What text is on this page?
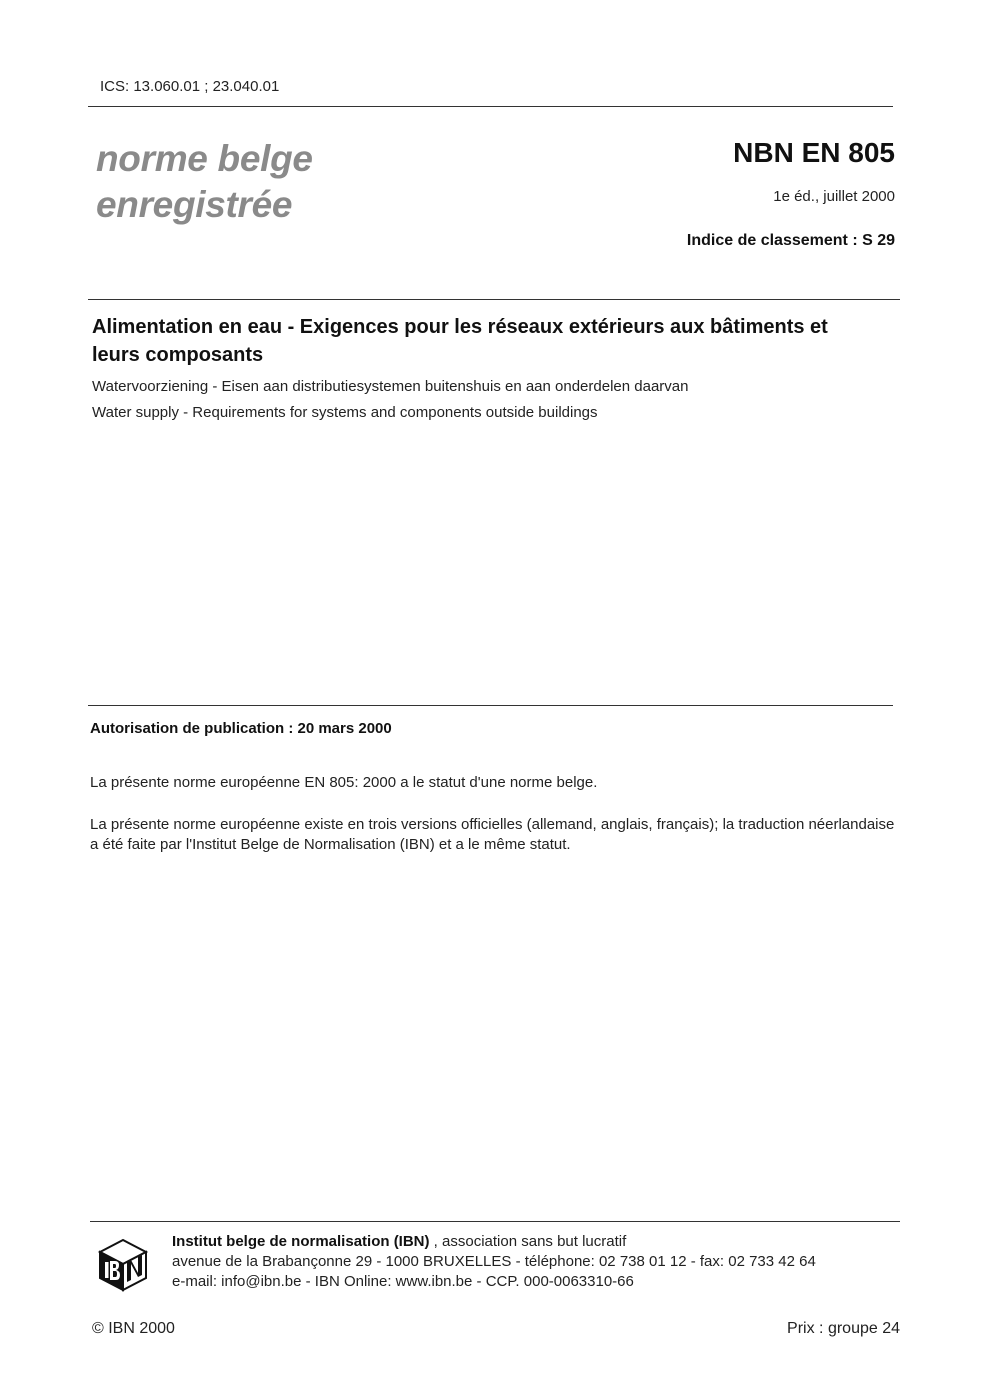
ICS: 13.060.01 ; 23.040.01
norme belge
enregistrée
NBN EN 805
1e éd., juillet 2000
Indice de classement : S 29
Alimentation en eau - Exigences pour les réseaux extérieurs aux bâtiments et leurs composants
Watervoorziening - Eisen aan distributiesystemen buitenshuis en aan onderdelen daarvan
Water supply - Requirements for systems and components outside buildings
Autorisation de publication : 20 mars 2000
La présente norme européenne EN 805: 2000 a le statut d'une norme belge.
La présente norme européenne existe en trois versions officielles (allemand, anglais, français); la traduction néerlandaise a été faite par l'Institut Belge de Normalisation (IBN) et a le même statut.
Institut belge de normalisation (IBN) , association sans but lucratif
avenue de la Brabançonne 29 - 1000 BRUXELLES - téléphone: 02 738 01 12 - fax: 02 733 42 64
e-mail: info@ibn.be - IBN Online: www.ibn.be - CCP. 000-0063310-66
© IBN 2000	Prix : groupe 24
